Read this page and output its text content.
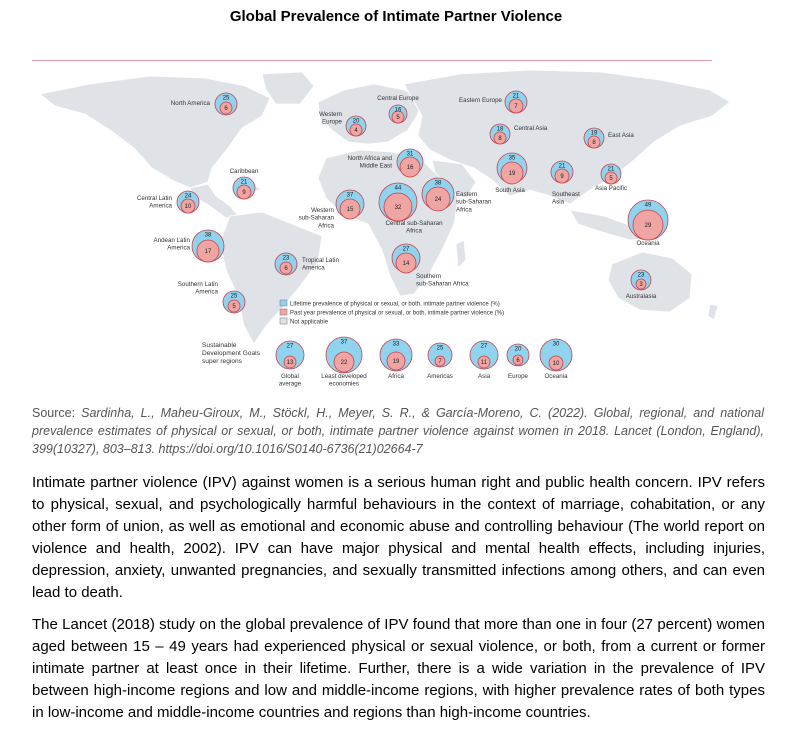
Global Prevalence of Intimate Partner Violence
25
6
North America
20
4
Western Europe
16
5
Central Europe	21
7
Eastern Europe
18
8
Central Asia
19
8
East Asia
31
16
North Africa and Middle East
35
19
South Asia
21
9
Southeast Asia
21
5
Asia Pacific
21
9
Caribbean
24
10
Central Latin America
37
15
Western sub-Saharan Africa
44
32
Central sub-Saharan Africa
38
24
Eastern sub-Saharan Africa
49
29
Oceania
38
17
Andean Latin America
23
6
Tropical Latin America
27
14
Southern sub-Saharan Africa
25
5
Southern Latin America
23
3
Australasia
Lifetime prevalence of physical or sexual, or both, intimate partner violence (%)
Past year prevalence of physical or sexual, or both, intimate partner violence (%)
Not applicable
Sustainable Development Goals super regions
27
13
Global average
37
22
Least developed economies
33
19
Africa
25
7
Americas
27
11
Asia
20
6
Europe
30
10
Oceania
Source: Sardinha, L., Maheu-Giroux, M., Stöckl, H., Meyer, S. R., & García-Moreno, C. (2022). Global, regional, and national prevalence estimates of physical or sexual, or both, intimate partner violence against women in 2018. Lancet (London, England), 399(10327), 803–813. https://doi.org/10.1016/S0140-6736(21)02664-7
Intimate partner violence (IPV) against women is a serious human right and public health concern. IPV refers to physical, sexual, and psychologically harmful behaviours in the context of marriage, cohabitation, or any other form of union, as well as emotional and economic abuse and controlling behaviour (The world report on violence and health, 2002). IPV can have major physical and mental health effects, including injuries, depression, anxiety, unwanted pregnancies, and sexually transmitted infections among others, and can even lead to death.
The Lancet (2018) study on the global prevalence of IPV found that more than one in four (27 percent) women aged between 15 – 49 years had experienced physical or sexual violence, or both, from a current or former intimate partner at least once in their lifetime. Further, there is a wide variation in the prevalence of IPV between high-income regions and low and middle-income regions, with higher prevalence rates of both types in low-income and middle-income countries and regions than high-income countries.
